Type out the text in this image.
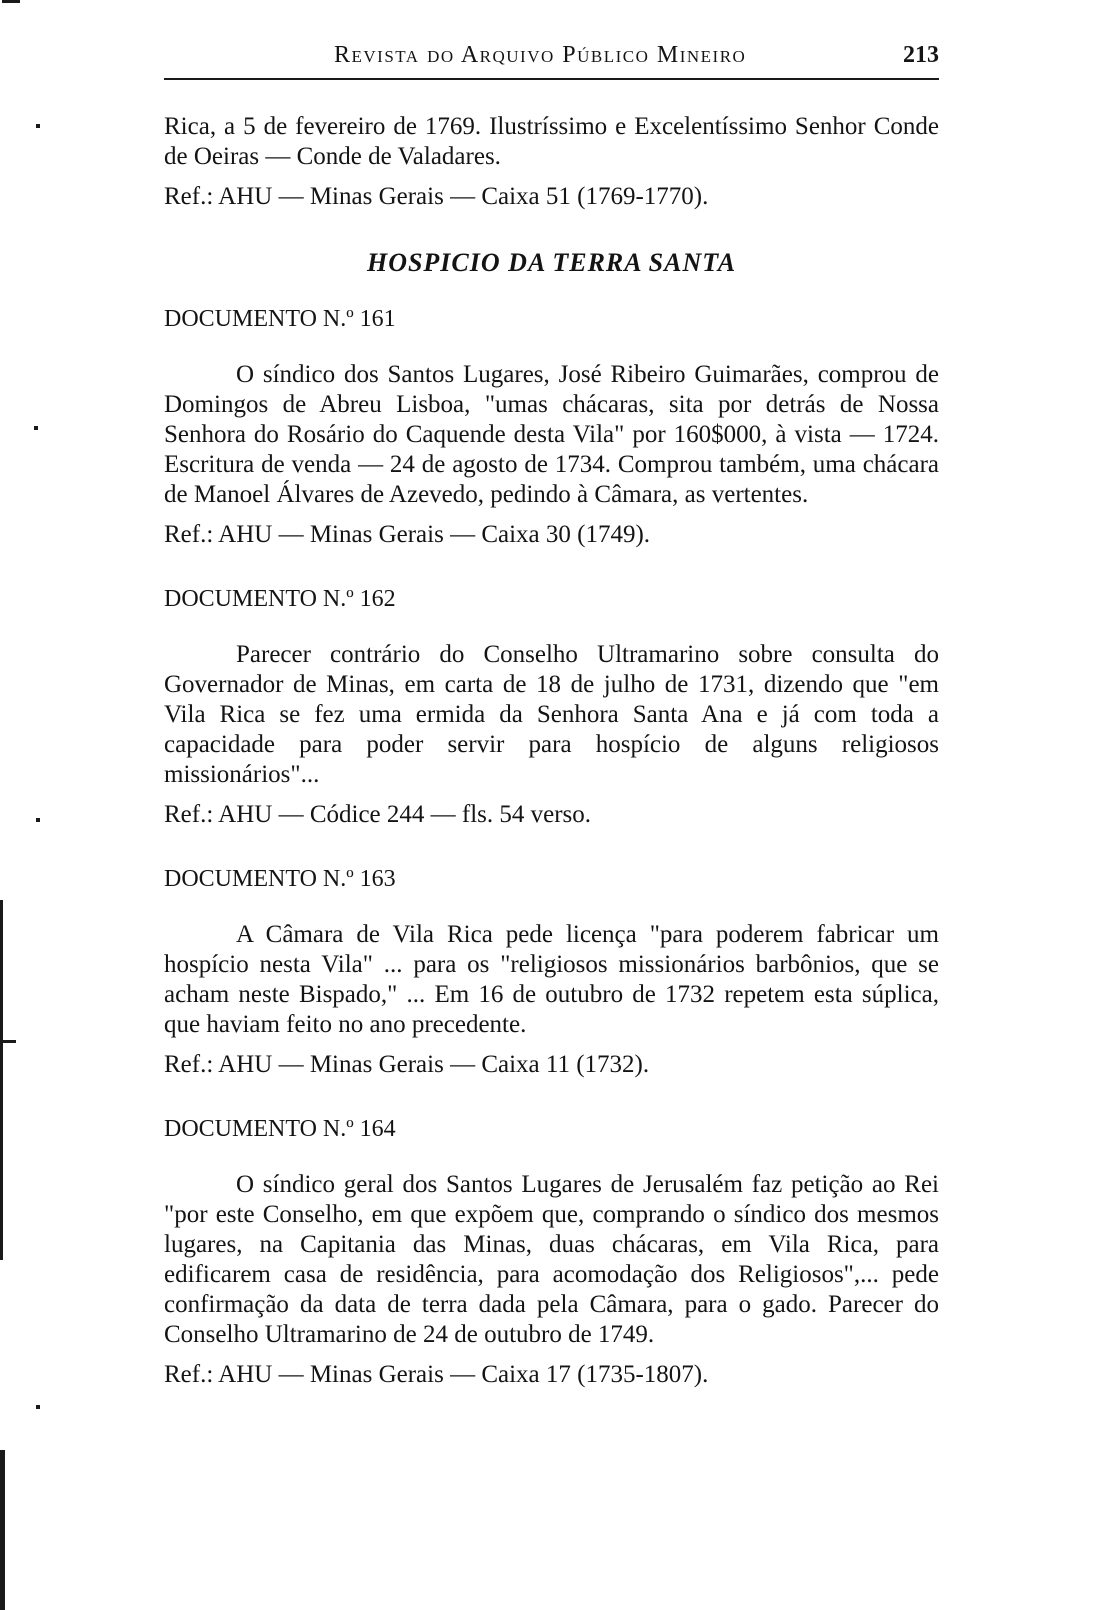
Revista do Arquivo Público Mineiro	213

Rica, a 5 de fevereiro de 1769. Ilustríssimo e Excelentíssimo Senhor Conde de Oeiras — Conde de Valadares.

Ref.: AHU — Minas Gerais — Caixa 51 (1769-1770).

HOSPICIO DA TERRA SANTA
DOCUMENTO N.º 161

O síndico dos Santos Lugares, José Ribeiro Guimarães, comprou de Domingos de Abreu Lisboa, "umas chácaras, sita por detrás de Nossa Senhora do Rosário do Caquende desta Vila" por 160$000, à vista — 1724. Escritura de venda — 24 de agosto de 1734. Comprou também, uma chácara de Manoel Álvares de Azevedo, pedindo à Câmara, as vertentes.

Ref.: AHU — Minas Gerais — Caixa 30 (1749).

DOCUMENTO N.º 162

Parecer contrário do Conselho Ultramarino sobre consulta do Governador de Minas, em carta de 18 de julho de 1731, dizendo que "em Vila Rica se fez uma ermida da Senhora Santa Ana e já com toda a capacidade para poder servir para hospício de alguns religiosos missionários"...

Ref.: AHU — Códice 244 — fls. 54 verso.

DOCUMENTO N.º 163

A Câmara de Vila Rica pede licença "para poderem fabricar um hospício nesta Vila" ... para os "religiosos missionários barbônios, que se acham neste Bispado," ... Em 16 de outubro de 1732 repetem esta súplica, que haviam feito no ano precedente.

Ref.: AHU — Minas Gerais — Caixa 11 (1732).

DOCUMENTO N.º 164

O síndico geral dos Santos Lugares de Jerusalém faz petição ao Rei "por este Conselho, em que expõem que, comprando o síndico dos mesmos lugares, na Capitania das Minas, duas chácaras, em Vila Rica, para edificarem casa de residência, para acomodação dos Religiosos",... pede confirmação da data de terra dada pela Câmara, para o gado. Parecer do Conselho Ultramarino de 24 de outubro de 1749.

Ref.: AHU — Minas Gerais — Caixa 17 (1735-1807).
